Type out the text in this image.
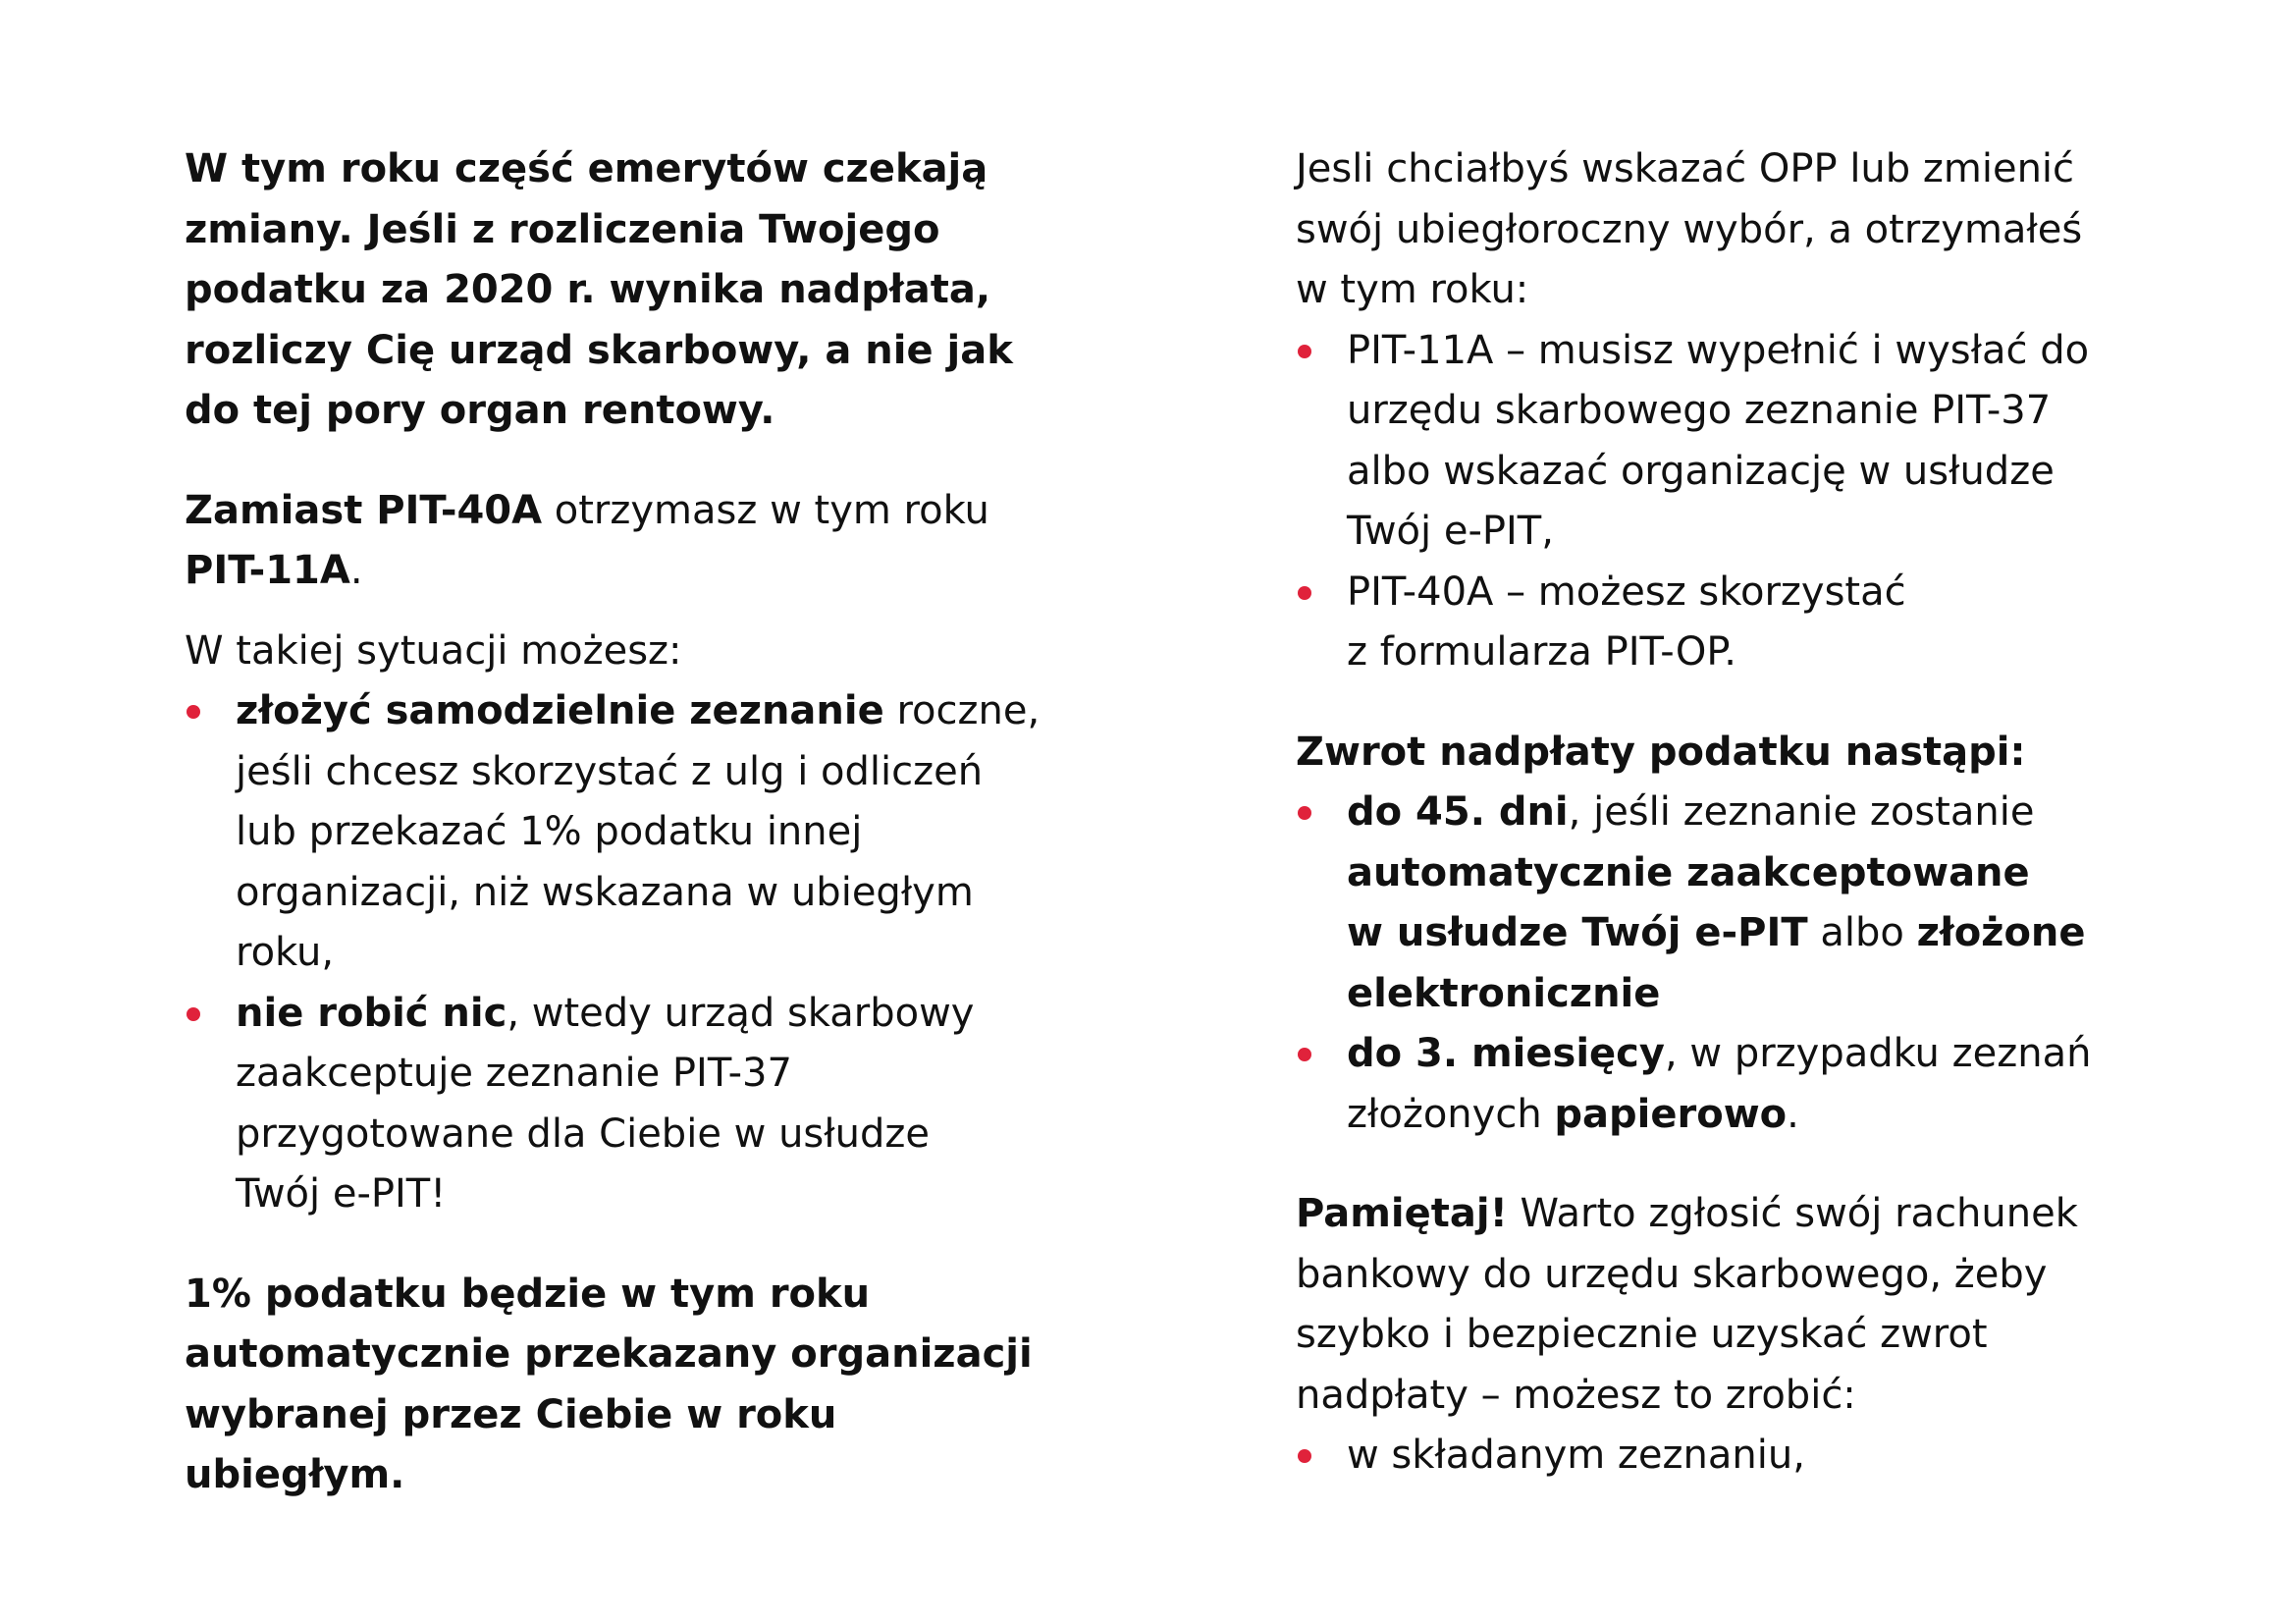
W tym roku część emerytów czekają
zmiany. Jeśli z rozliczenia Twojego
podatku za 2020 r. wynika nadpłata,
rozliczy Cię urząd skarbowy, a nie jak
do tej pory organ rentowy.

Zamiast PIT-40A otrzymasz w tym roku
PIT-11A.

W takiej sytuacji możesz:

złożyć samodzielnie zeznanie roczne,
jeśli chcesz skorzystać z ulg i odliczeń
lub przekazać 1% podatku innej
organizacji, niż wskazana w ubiegłym
roku,
nie robić nic, wtedy urząd skarbowy
zaakceptuje zeznanie PIT-37
przygotowane dla Ciebie w usłudze
Twój e-PIT!

1% podatku będzie w tym roku
automatycznie przekazany organizacji
wybranej przez Ciebie w roku ubiegłym.

Jesli chciałbyś wskazać OPP lub zmienić
swój ubiegłoroczny wybór, a otrzymałeś
w tym roku:

PIT-11A – musisz wypełnić i wysłać do
urzędu skarbowego zeznanie PIT-37
albo wskazać organizację w usłudze
Twój e-PIT,
PIT-40A – możesz skorzystać
z formularza PIT-OP.

Zwrot nadpłaty podatku nastąpi:

do 45. dni, jeśli zeznanie zostanie
automatycznie zaakceptowane
w usłudze Twój e-PIT albo złożone
elektronicznie
do 3. miesięcy, w przypadku zeznań
złożonych papierowo.

Pamiętaj! Warto zgłosić swój rachunek
bankowy do urzędu skarbowego, żeby
szybko i bezpiecznie uzyskać zwrot
nadpłaty – możesz to zrobić:

w składanym zeznaniu,
